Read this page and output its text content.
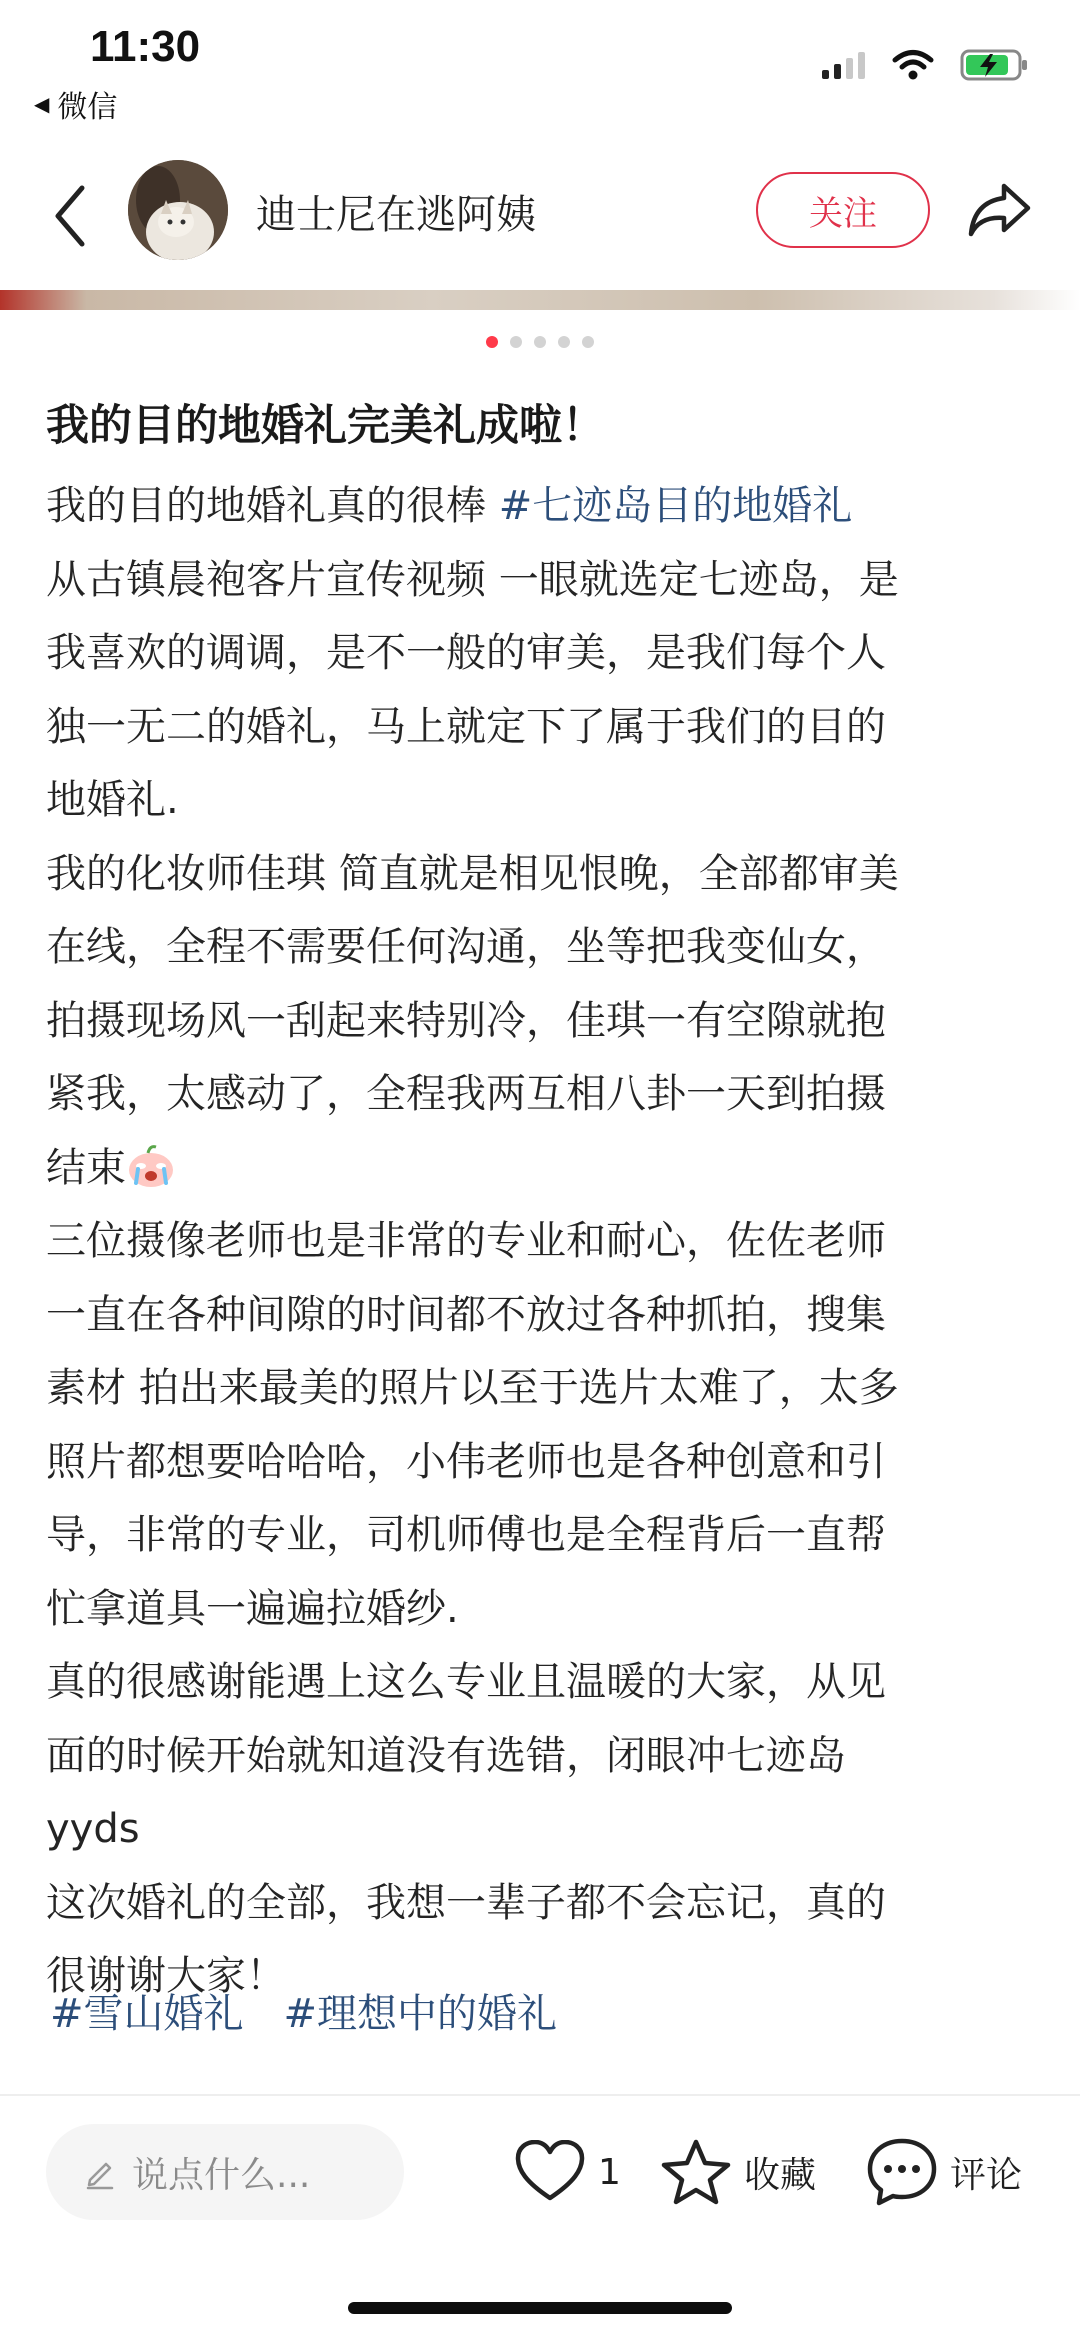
11:30
◀ 微信
迪士尼在逃阿姨	关注
我的目的地婚礼完美礼成啦！

我的目的地婚礼真的很棒 #七迹岛目的地婚礼

从古镇晨袍客片宣传视频 一眼就选定七迹岛，是

我喜欢的调调，是不一般的审美，是我们每个人

独一无二的婚礼，马上就定下了属于我们的目的

地婚礼.

我的化妆师佳琪 简直就是相见恨晚，全部都审美

在线，全程不需要任何沟通，坐等把我变仙女，

拍摄现场风一刮起来特别冷，佳琪一有空隙就抱

紧我，太感动了，全程我两互相八卦一天到拍摄

结束

三位摄像老师也是非常的专业和耐心，佐佐老师

一直在各种间隙的时间都不放过各种抓拍，搜集

素材 拍出来最美的照片以至于选片太难了，太多

照片都想要哈哈哈，小伟老师也是各种创意和引

导，非常的专业，司机师傅也是全程背后一直帮

忙拿道具一遍遍拉婚纱.

真的很感谢能遇上这么专业且温暖的大家，从见

面的时候开始就知道没有选错，闭眼冲七迹岛

yyds

这次婚礼的全部，我想一辈子都不会忘记，真的

很谢谢大家！

#雪山婚礼 #理想中的婚礼
说点什么...	1	收藏	评论
